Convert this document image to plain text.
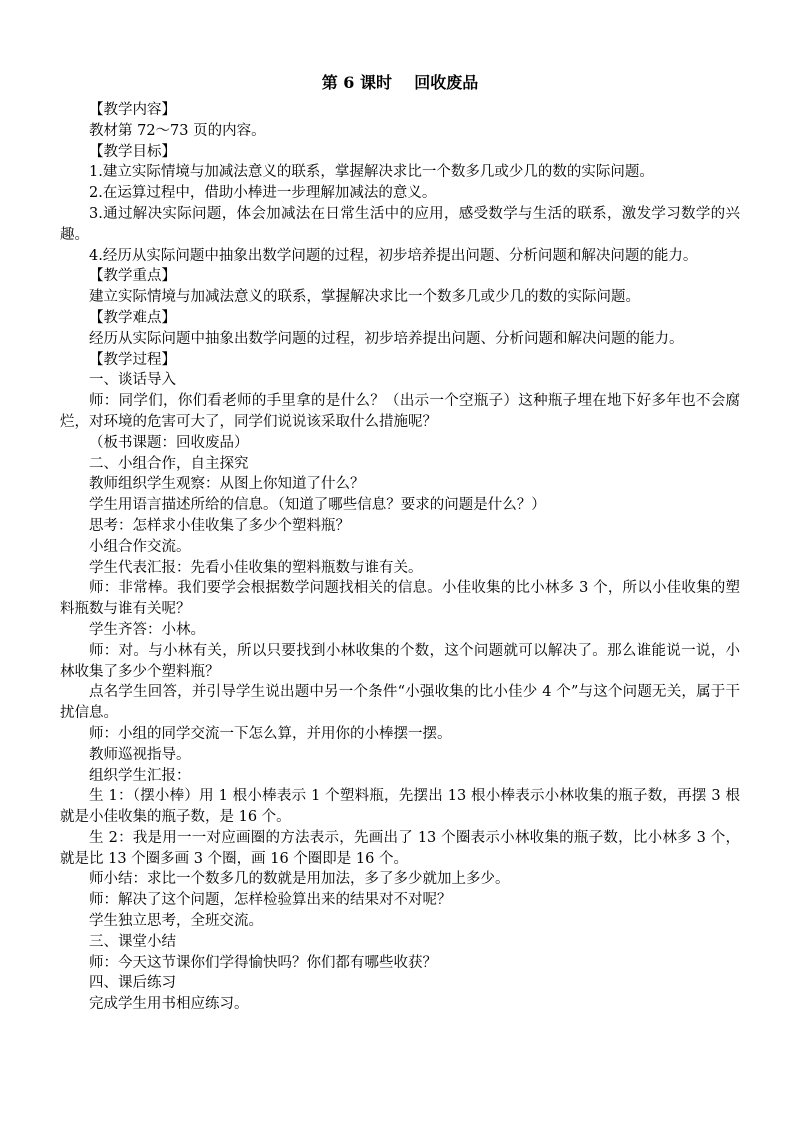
第 6 课时    回收废品
【教学内容】
教材第 72～73 页的内容。
【教学目标】
1.建立实际情境与加减法意义的联系，掌握解决求比一个数多几或少几的数的实际问题。
2.在运算过程中，借助小棒进一步理解加减法的意义。
3.通过解决实际问题，体会加减法在日常生活中的应用，感受数学与生活的联系，激发学习数学的兴趣。
4.经历从实际问题中抽象出数学问题的过程，初步培养提出问题、分析问题和解决问题的能力。
【教学重点】
建立实际情境与加减法意义的联系，掌握解决求比一个数多几或少几的数的实际问题。
【教学难点】
经历从实际问题中抽象出数学问题的过程，初步培养提出问题、分析问题和解决问题的能力。
【教学过程】
一、谈话导入
师：同学们，你们看老师的手里拿的是什么？（出示一个空瓶子）这种瓶子埋在地下好多年也不会腐烂，对环境的危害可大了，同学们说说该采取什么措施呢？
（板书课题：回收废品）
二、小组合作，自主探究
教师组织学生观察：从图上你知道了什么？
学生用语言描述所给的信息。（知道了哪些信息？要求的问题是什么？）
思考：怎样求小佳收集了多少个塑料瓶？
小组合作交流。
学生代表汇报：先看小佳收集的塑料瓶数与谁有关。
师：非常棒。我们要学会根据数学问题找相关的信息。小佳收集的比小林多 3 个，所以小佳收集的塑料瓶数与谁有关呢？
学生齐答：小林。
师：对。与小林有关，所以只要找到小林收集的个数，这个问题就可以解决了。那么谁能说一说，小林收集了多少个塑料瓶？
点名学生回答，并引导学生说出题中另一个条件“小强收集的比小佳少 4 个”与这个问题无关，属于干扰信息。
师：小组的同学交流一下怎么算，并用你的小棒摆一摆。
教师巡视指导。
组织学生汇报：
生 1：（摆小棒）用 1 根小棒表示 1 个塑料瓶，先摆出 13 根小棒表示小林收集的瓶子数，再摆 3 根就是小佳收集的瓶子数，是 16 个。
生 2：我是用一一对应画圈的方法表示，先画出了 13 个圈表示小林收集的瓶子数，比小林多 3 个，就是比 13 个圈多画 3 个圈，画 16 个圈即是 16 个。
师小结：求比一个数多几的数就是用加法，多了多少就加上多少。
师：解决了这个问题，怎样检验算出来的结果对不对呢？
学生独立思考，全班交流。
三、课堂小结
师：今天这节课你们学得愉快吗？你们都有哪些收获？
四、课后练习
完成学生用书相应练习。
